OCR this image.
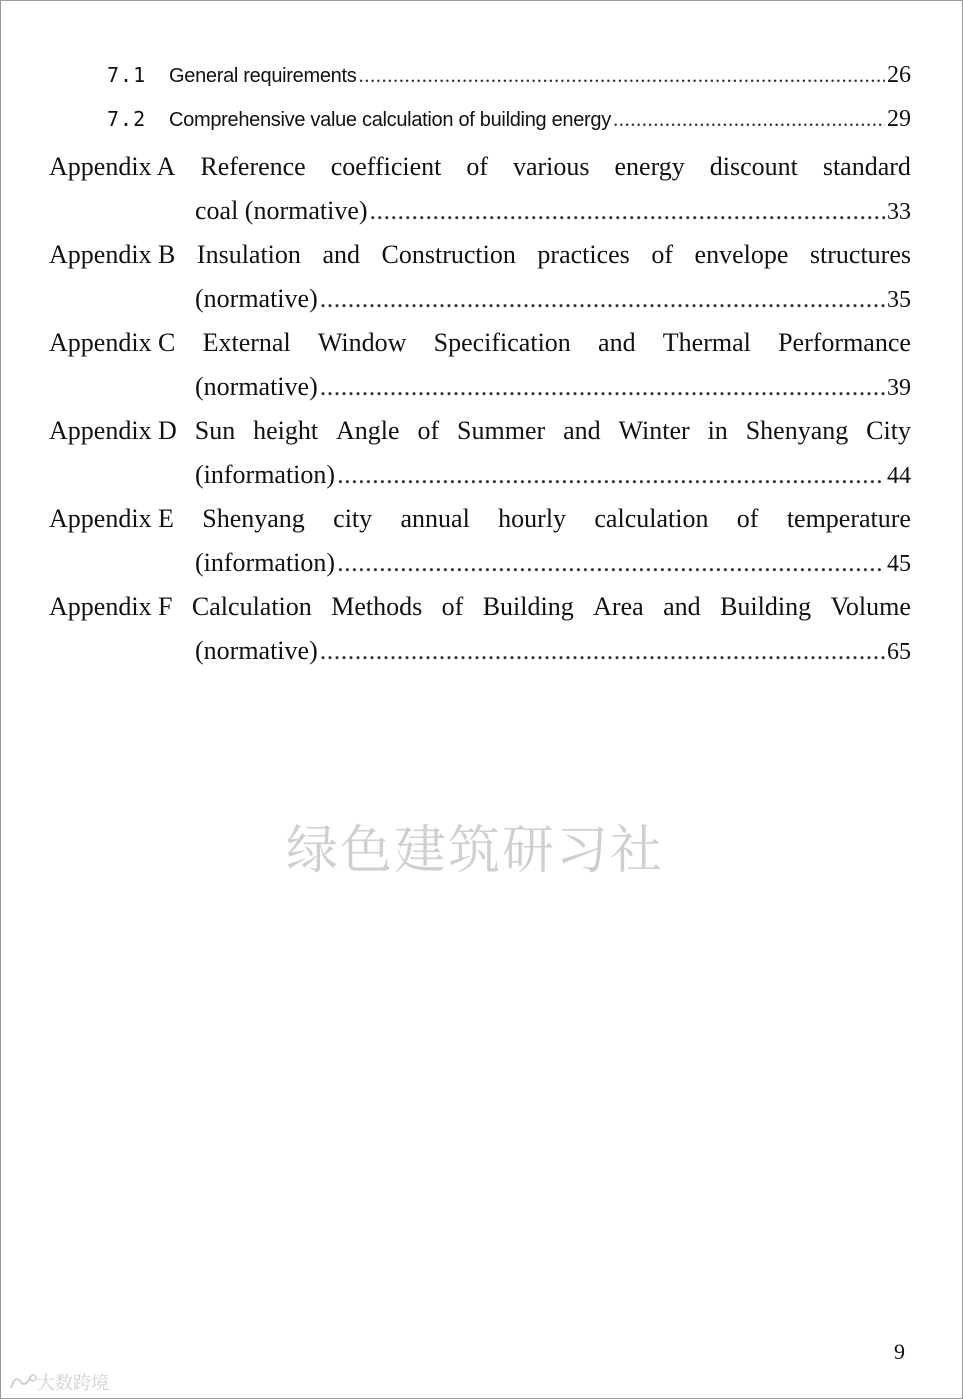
7.1	General requirements .....	26
7.2	Comprehensive value calculation of building energy .....	29
Appendix A Reference coefficient of various energy discount standard
coal (normative) .....	33
Appendix B Insulation and Construction practices of envelope structures
(normative) .....	35
Appendix C External Window Specification and Thermal Performance
(normative) .....	39
Appendix D Sun height Angle of Summer and Winter in Shenyang City
(information) .....	44
Appendix E Shenyang city annual hourly calculation of temperature
(information) .....	45
Appendix F Calculation Methods of Building Area and Building Volume
(normative) .....	65
绿色建筑研习社
9
大数跨境
